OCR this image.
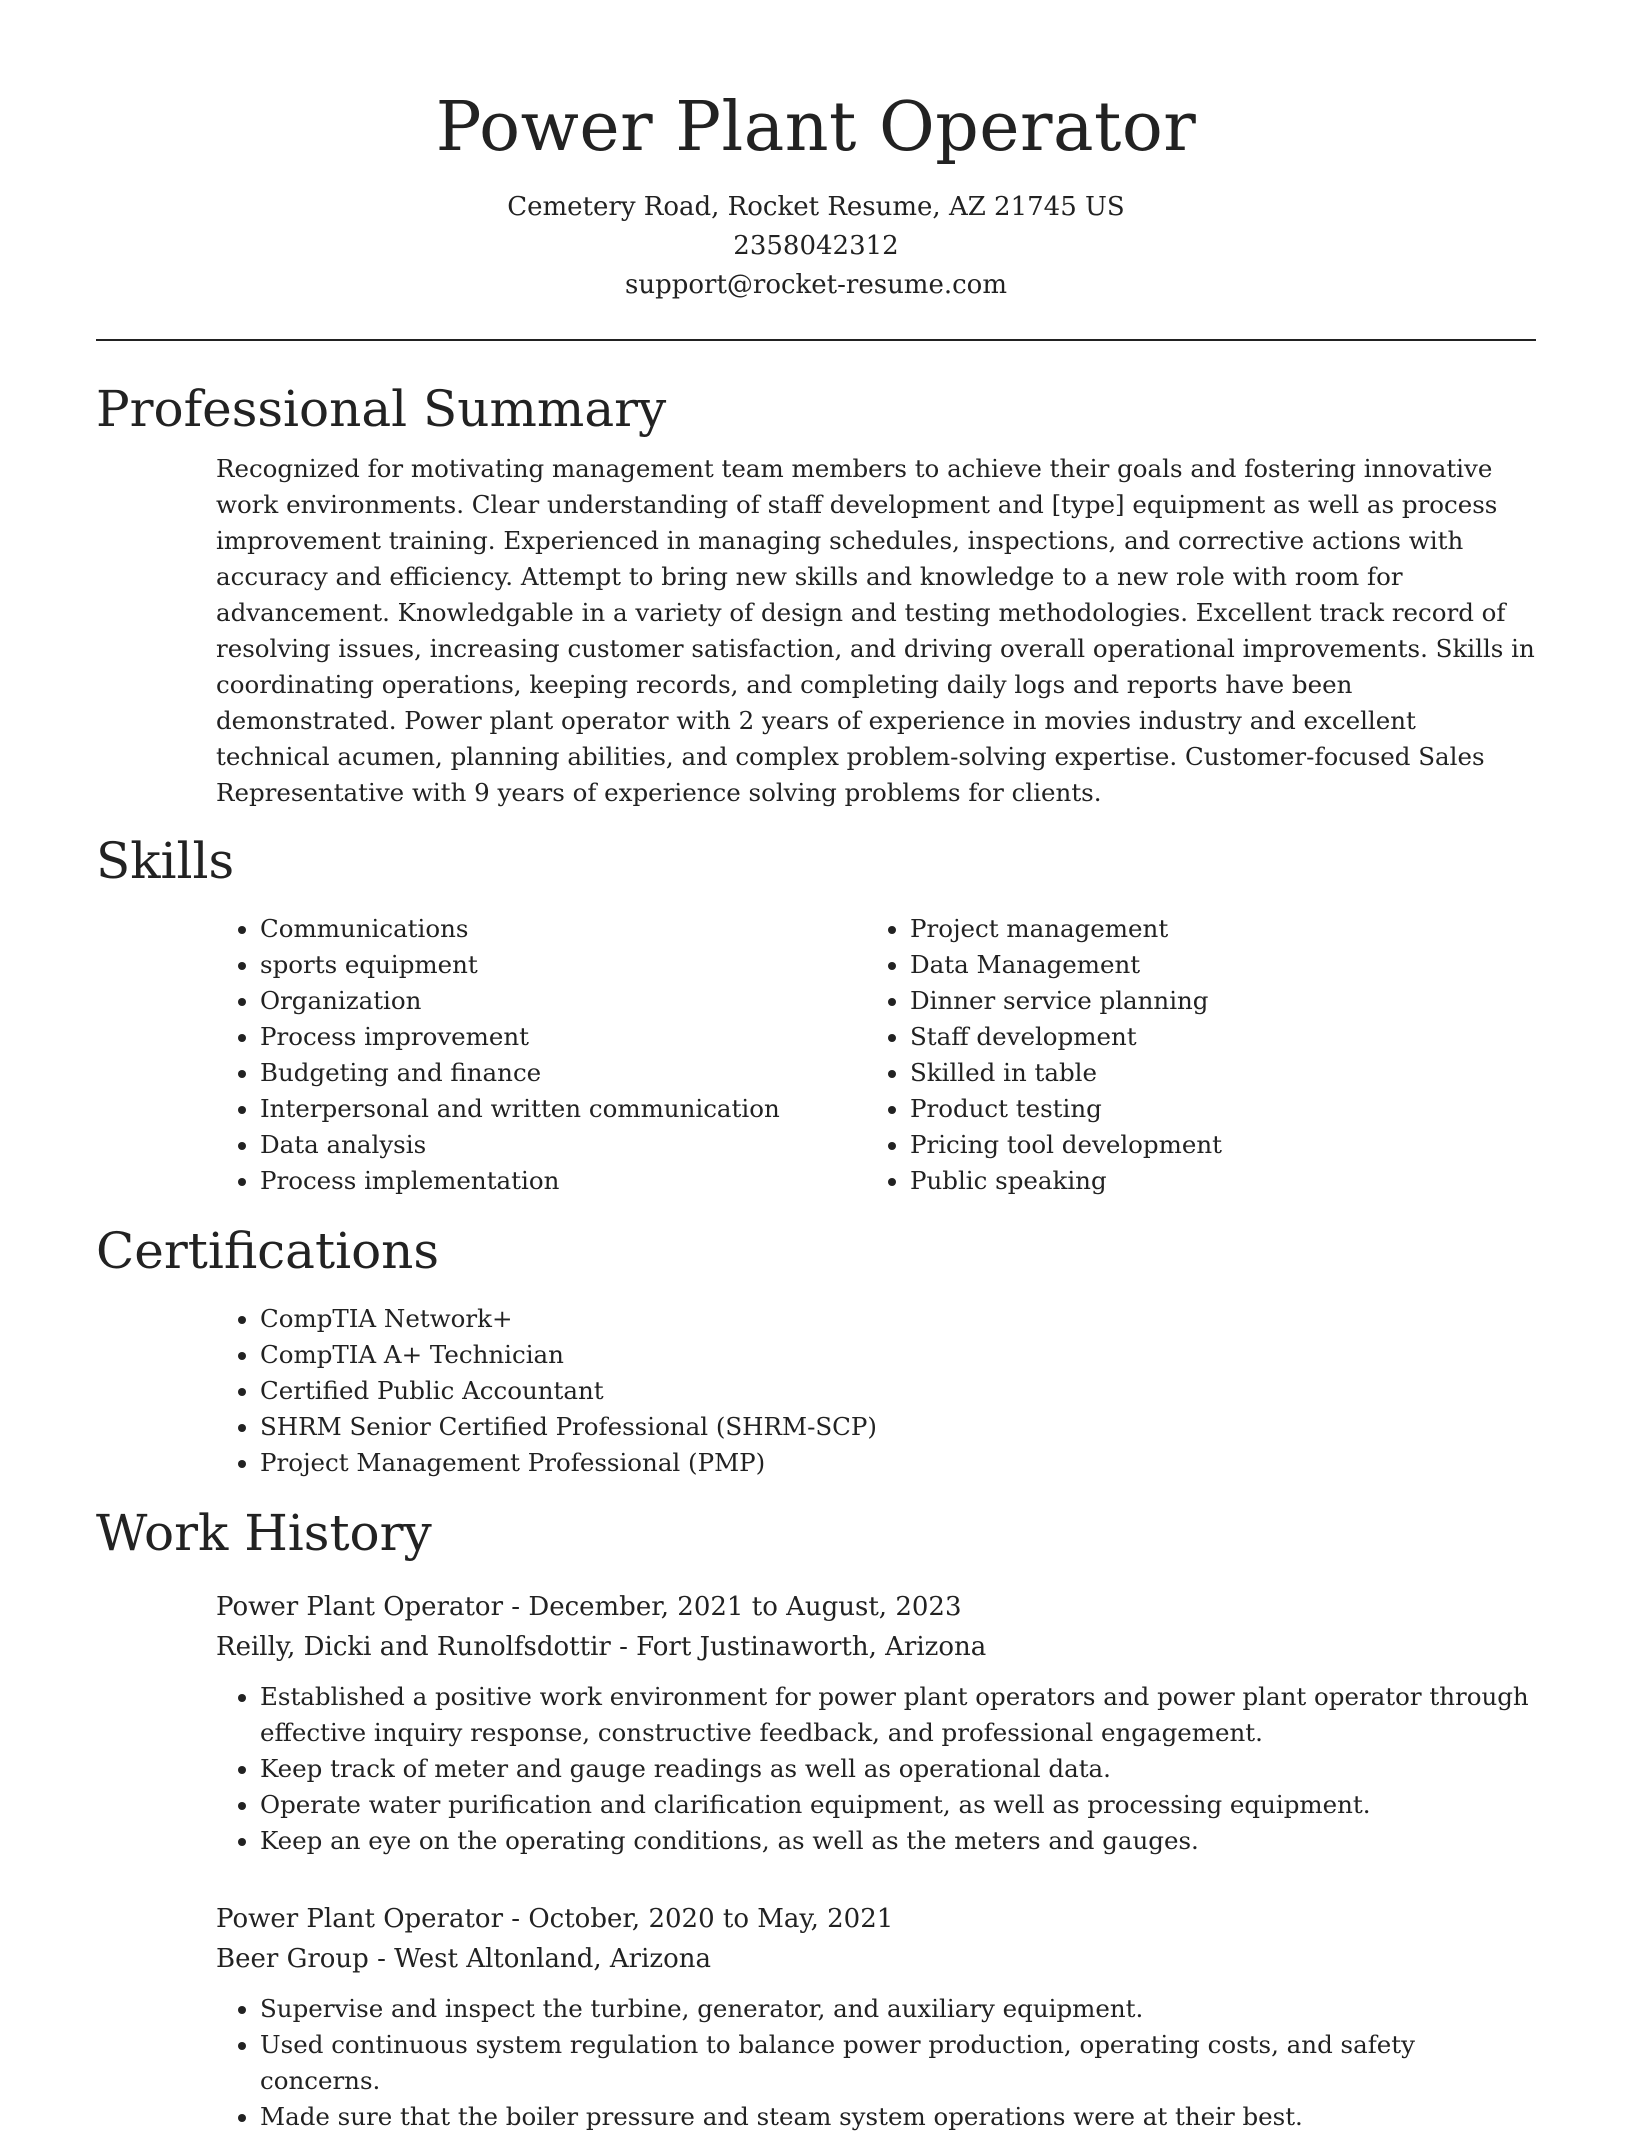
Power Plant Operator
Cemetery Road, Rocket Resume, AZ 21745 US
2358042312
support@rocket-resume.com
Professional Summary

Recognized for motivating management team members to achieve their goals and fostering innovative work environments. Clear understanding of staff development and [type] equipment as well as process improvement training. Experienced in managing schedules, inspections, and corrective actions with accuracy and efficiency. Attempt to bring new skills and knowledge to a new role with room for advancement. Knowledgable in a variety of design and testing methodologies. Excellent track record of resolving issues, increasing customer satisfaction, and driving overall operational improvements. Skills in coordinating operations, keeping records, and completing daily logs and reports have been demonstrated. Power plant operator with 2 years of experience in movies industry and excellent technical acumen, planning abilities, and complex problem-solving expertise. Customer-focused Sales Representative with 9 years of experience solving problems for clients.

Skills
• Communications
• sports equipment
• Organization
• Process improvement
• Budgeting and finance
• Interpersonal and written communication
• Data analysis
• Process implementation
• Project management
• Data Management
• Dinner service planning
• Staff development
• Skilled in table
• Product testing
• Pricing tool development
• Public speaking
Certifications
• CompTIA Network+
• CompTIA A+ Technician
• Certified Public Accountant
• SHRM Senior Certified Professional (SHRM-SCP)
• Project Management Professional (PMP)
Work History
Power Plant Operator - December, 2021 to August, 2023
Reilly, Dicki and Runolfsdottir - Fort Justinaworth, Arizona
• Established a positive work environment for power plant operators and power plant operator through effective inquiry response, constructive feedback, and professional engagement.
• Keep track of meter and gauge readings as well as operational data.
• Operate water purification and clarification equipment, as well as processing equipment.
• Keep an eye on the operating conditions, as well as the meters and gauges.
Power Plant Operator - October, 2020 to May, 2021
Beer Group - West Altonland, Arizona
• Supervise and inspect the turbine, generator, and auxiliary equipment.
• Used continuous system regulation to balance power production, operating costs, and safety concerns.
• Made sure that the boiler pressure and steam system operations were at their best.
